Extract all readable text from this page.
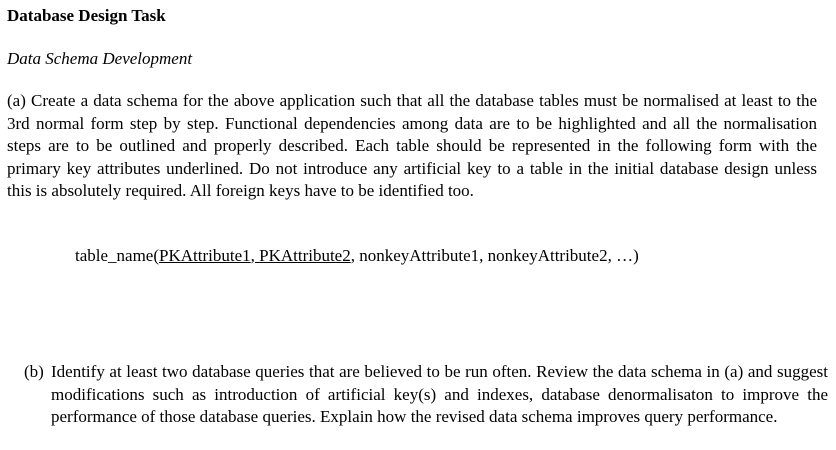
Database Design Task
Data Schema Development

(a) Create a data schema for the above application such that all the database tables must be normalised at least to the 3rd normal form step by step. Functional dependencies among data are to be highlighted and all the normalisation steps are to be outlined and properly described. Each table should be represented in the following form with the primary key attributes underlined. Do not introduce any artificial key to a table in the initial database design unless this is absolutely required. All foreign keys have to be identified too.

table_name(PKAttribute1, PKAttribute2, nonkeyAttribute1, nonkeyAttribute2, …)
(b) Identify at least two database queries that are believed to be run often. Review the data schema in (a) and suggest modifications such as introduction of artificial key(s) and indexes, database denormalisaton to improve the performance of those database queries. Explain how the revised data schema improves query performance.
